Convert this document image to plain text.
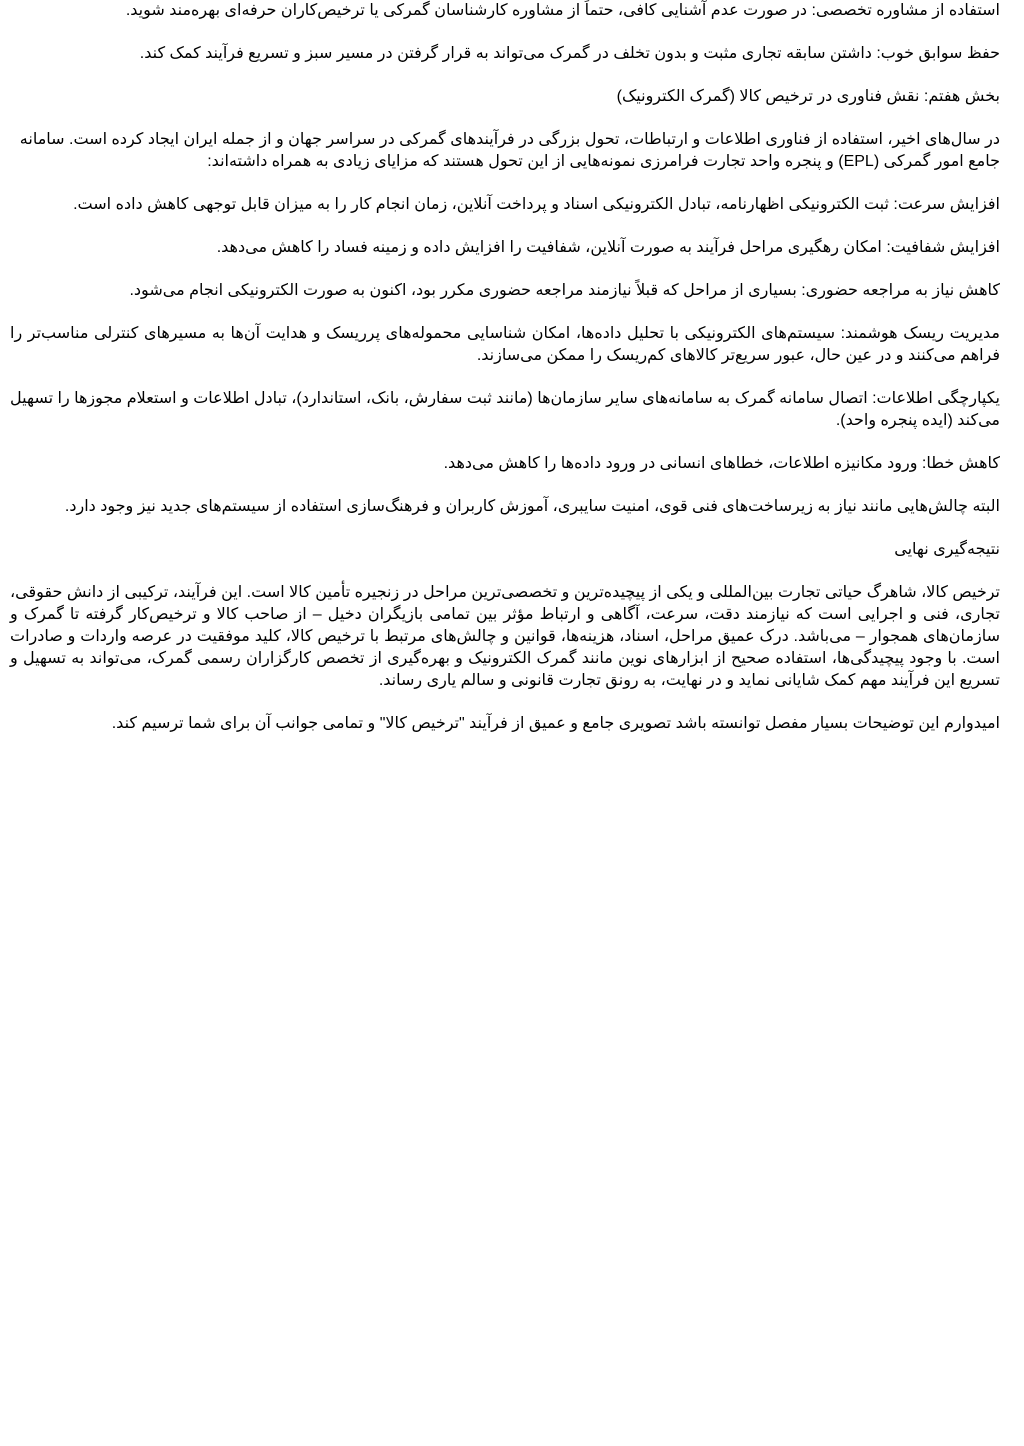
استفاده از مشاوره تخصصی: در صورت عدم آشنایی کافی، حتماً از مشاوره کارشناسان گمرکی یا ترخیص‌کاران حرفه‌ای بهره‌مند شوید.

حفظ سوابق خوب: داشتن سابقه تجاری مثبت و بدون تخلف در گمرک می‌تواند به قرار گرفتن در مسیر سبز و تسریع فرآیند کمک کند.

بخش هفتم: نقش فناوری در ترخیص کالا (گمرک الکترونیک)

در سال‌های اخیر، استفاده از فناوری اطلاعات و ارتباطات، تحول بزرگی در فرآیندهای گمرکی در سراسر جهان و از جمله ایران ایجاد کرده است. سامانه جامع امور گمرکی (EPL) و پنجره واحد تجارت فرامرزی نمونه‌هایی از این تحول هستند که مزایای زیادی به همراه داشته‌اند:

افزایش سرعت: ثبت الکترونیکی اظهارنامه، تبادل الکترونیکی اسناد و پرداخت آنلاین، زمان انجام کار را به میزان قابل توجهی کاهش داده است.

افزایش شفافیت: امکان رهگیری مراحل فرآیند به صورت آنلاین، شفافیت را افزایش داده و زمینه فساد را کاهش می‌دهد.

کاهش نیاز به مراجعه حضوری: بسیاری از مراحل که قبلاً نیازمند مراجعه حضوری مکرر بود، اکنون به صورت الکترونیکی انجام می‌شود.

مدیریت ریسک هوشمند: سیستم‌های الکترونیکی با تحلیل داده‌ها، امکان شناسایی محموله‌های پرریسک و هدایت آن‌ها به مسیرهای کنترلی مناسب‌تر را فراهم می‌کنند و در عین حال، عبور سریع‌تر کالاهای کم‌ریسک را ممکن می‌سازند.

یکپارچگی اطلاعات: اتصال سامانه گمرک به سامانه‌های سایر سازمان‌ها (مانند ثبت سفارش، بانک، استاندارد)، تبادل اطلاعات و استعلام مجوزها را تسهیل می‌کند (ایده پنجره واحد).

کاهش خطا: ورود مکانیزه اطلاعات، خطاهای انسانی در ورود داده‌ها را کاهش می‌دهد.

البته چالش‌هایی مانند نیاز به زیرساخت‌های فنی قوی، امنیت سایبری، آموزش کاربران و فرهنگ‌سازی استفاده از سیستم‌های جدید نیز وجود دارد.

نتیجه‌گیری نهایی

ترخیص کالا، شاهرگ حیاتی تجارت بین‌المللی و یکی از پیچیده‌ترین و تخصصی‌ترین مراحل در زنجیره تأمین کالا است. این فرآیند، ترکیبی از دانش حقوقی، تجاری، فنی و اجرایی است که نیازمند دقت، سرعت، آگاهی و ارتباط مؤثر بین تمامی بازیگران دخیل – از صاحب کالا و ترخیص‌کار گرفته تا گمرک و سازمان‌های همجوار – می‌باشد. درک عمیق مراحل، اسناد، هزینه‌ها، قوانین و چالش‌های مرتبط با ترخیص کالا، کلید موفقیت در عرصه واردات و صادرات است. با وجود پیچیدگی‌ها، استفاده صحیح از ابزارهای نوین مانند گمرک الکترونیک و بهره‌گیری از تخصص کارگزاران رسمی گمرک، می‌تواند به تسهیل و تسریع این فرآیند مهم کمک شایانی نماید و در نهایت، به رونق تجارت قانونی و سالم یاری رساند.

امیدوارم این توضیحات بسیار مفصل توانسته باشد تصویری جامع و عمیق از فرآیند "ترخیص کالا" و تمامی جوانب آن برای شما ترسیم کند.
